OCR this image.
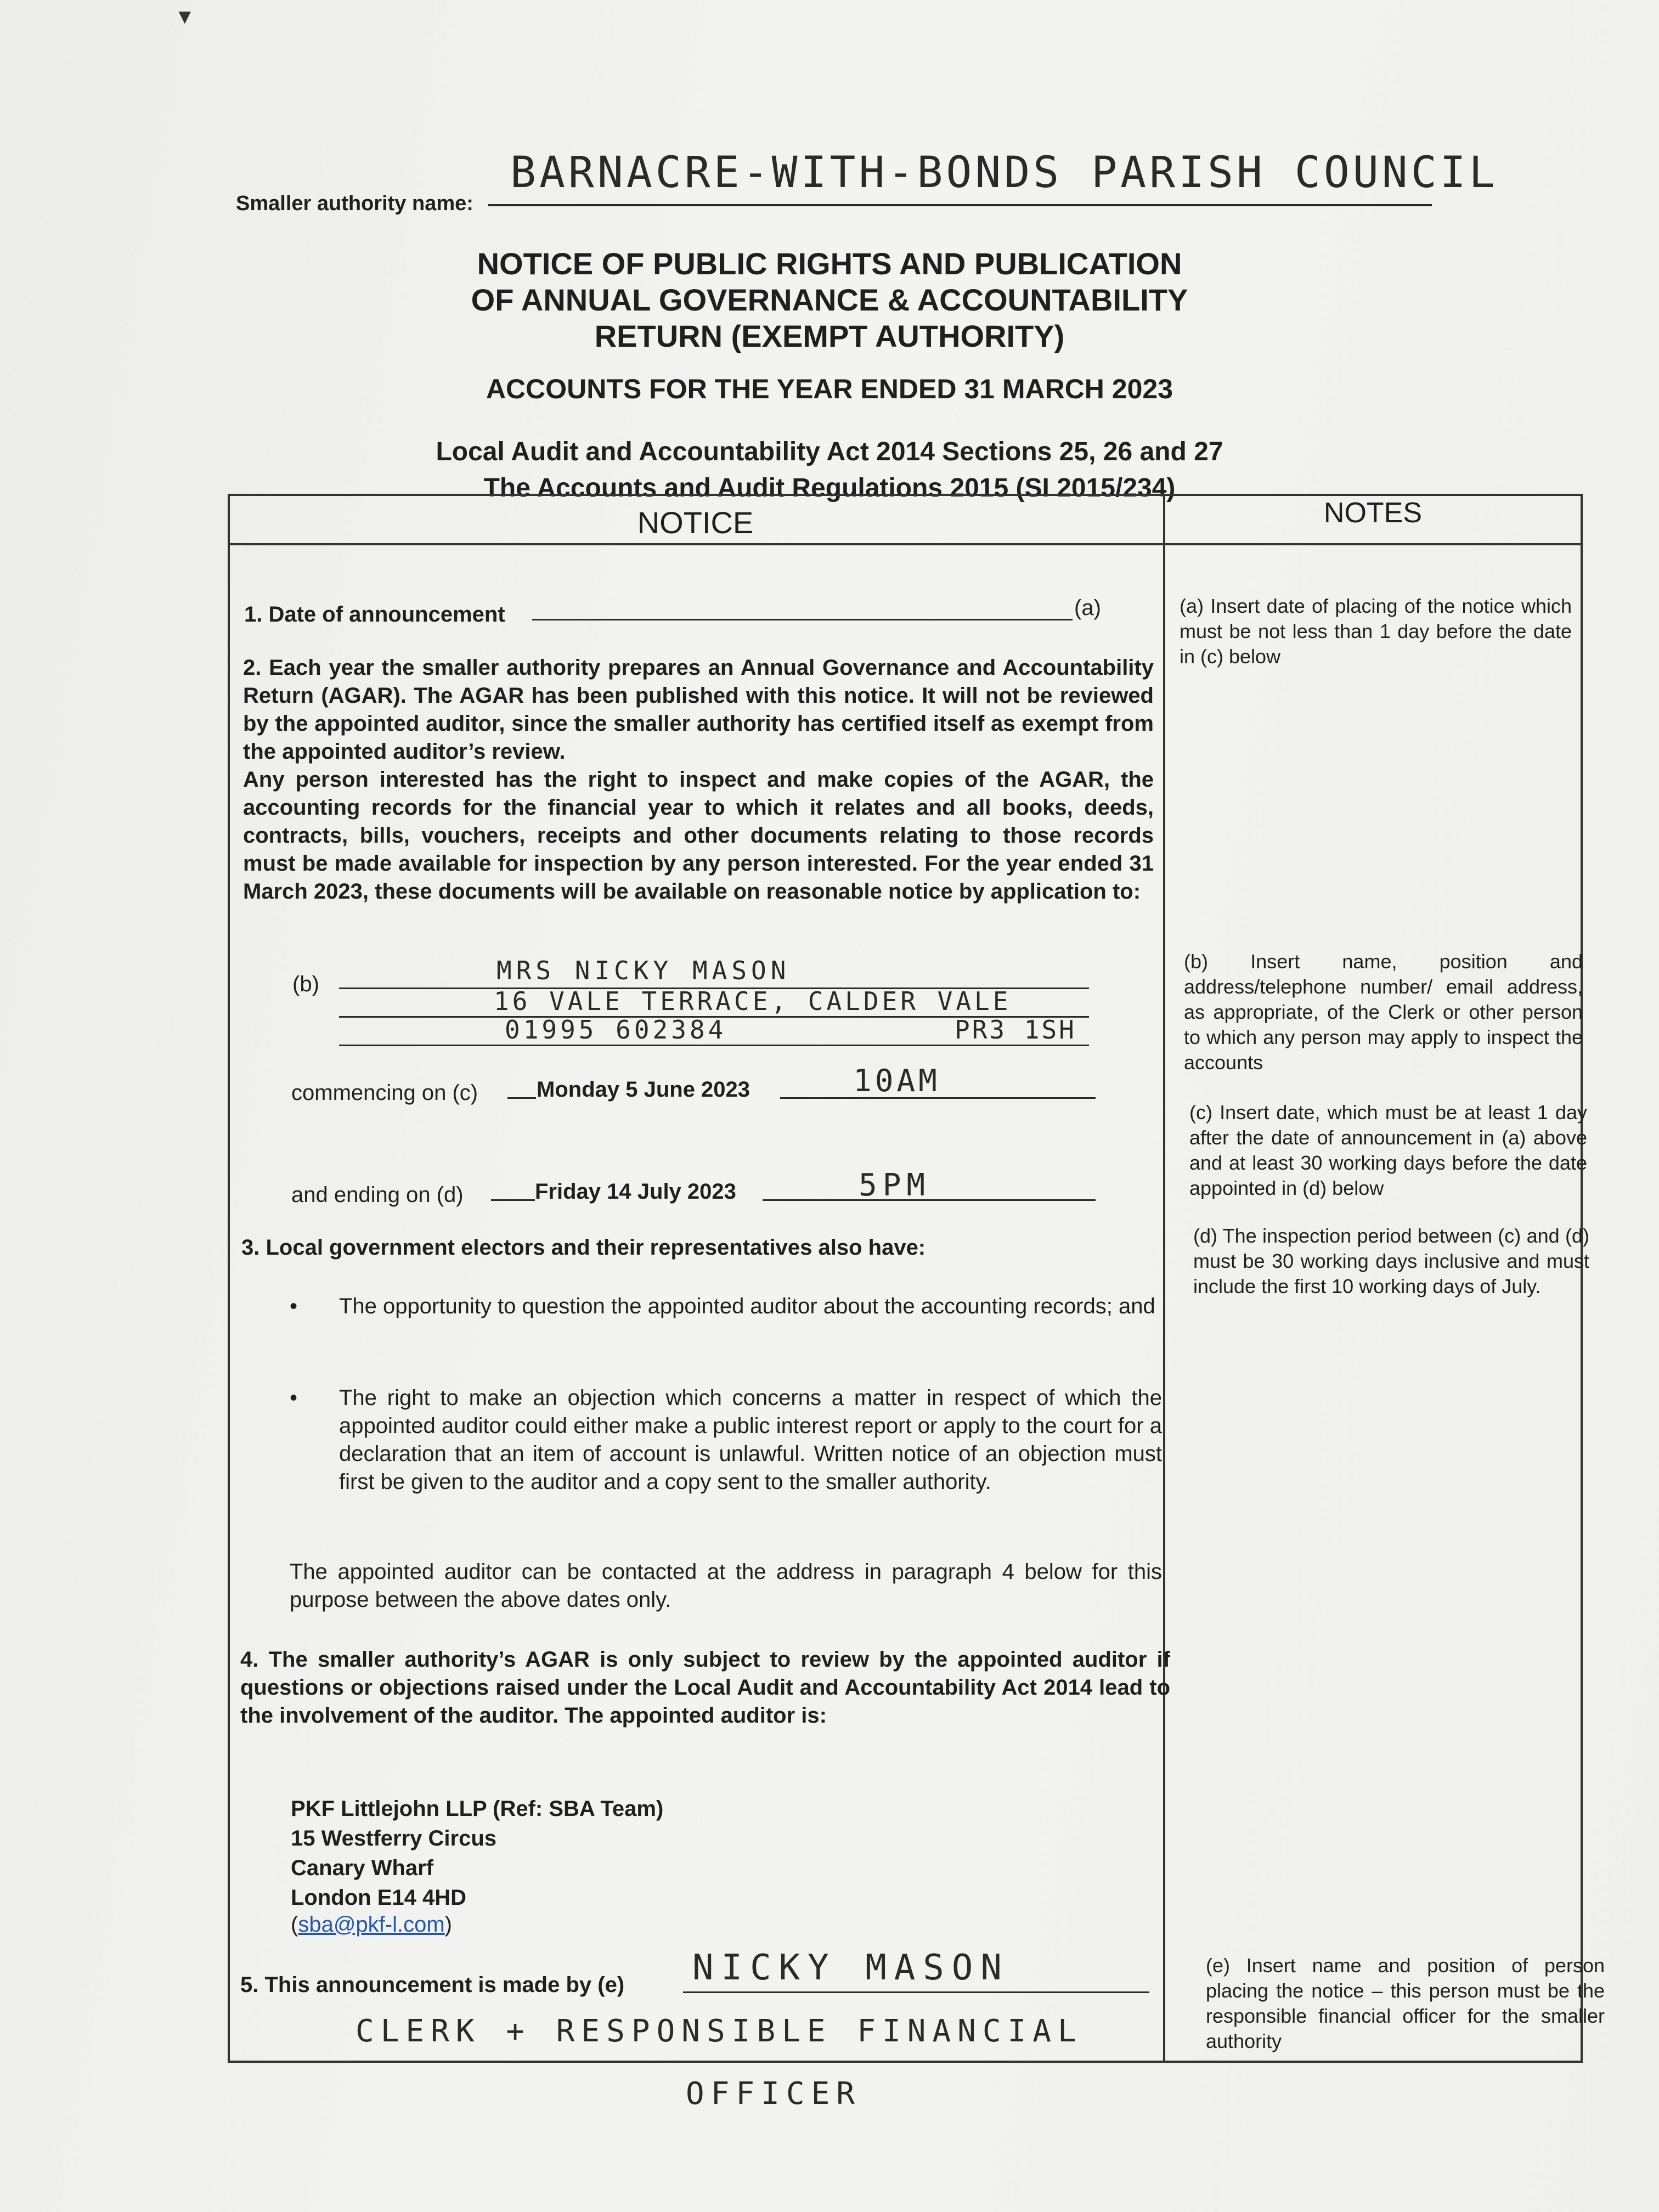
Smaller authority name:
BARNACRE-WITH-BONDS PARISH COUNCIL
NOTICE OF PUBLIC RIGHTS AND PUBLICATION
OF ANNUAL GOVERNANCE & ACCOUNTABILITY
RETURN (EXEMPT AUTHORITY)
ACCOUNTS FOR THE YEAR ENDED 31 MARCH 2023
Local Audit and Accountability Act 2014 Sections 25, 26 and 27
The Accounts and Audit Regulations 2015 (SI 2015/234)
NOTICE	NOTES
1. Date of announcement	(a)
2. Each year the smaller authority prepares an Annual Governance and Accountability Return (AGAR). The AGAR has been published with this notice. It will not be reviewed by the appointed auditor, since the smaller authority has certified itself as exempt from the appointed auditor’s review.
Any person interested has the right to inspect and make copies of the AGAR, the accounting records for the financial year to which it relates and all books, deeds, contracts, bills, vouchers, receipts and other documents relating to those records must be made available for inspection by any person interested. For the year ended 31 March 2023, these documents will be available on reasonable notice by application to:
(b)	MRS NICKY MASON
16 VALE TERRACE, CALDER VALE
01995 602384	PR3 1SH
commencing on (c)	Monday 5 June 2023	10AM
and ending on (d)	Friday 14 July 2023	5PM
3. Local government electors and their representatives also have:
• The opportunity to question the appointed auditor about the accounting records; and
• The right to make an objection which concerns a matter in respect of which the appointed auditor could either make a public interest report or apply to the court for a declaration that an item of account is unlawful. Written notice of an objection must first be given to the auditor and a copy sent to the smaller authority.
The appointed auditor can be contacted at the address in paragraph 4 below for this purpose between the above dates only.
4. The smaller authority’s AGAR is only subject to review by the appointed auditor if questions or objections raised under the Local Audit and Accountability Act 2014 lead to the involvement of the auditor. The appointed auditor is:
PKF Littlejohn LLP (Ref: SBA Team)
15 Westferry Circus
Canary Wharf
London E14 4HD
(sba@pkf-l.com)
5. This announcement is made by (e) NICKY MASON
CLERK + RESPONSIBLE FINANCIAL
OFFICER
(a) Insert date of placing of the notice which must be not less than 1 day before the date in (c) below
(b) Insert name, position and address/telephone number/ email address, as appropriate, of the Clerk or other person to which any person may apply to inspect the accounts
(c) Insert date, which must be at least 1 day after the date of announcement in (a) above and at least 30 working days before the date appointed in (d) below
(d) The inspection period between (c) and (d) must be 30 working days inclusive and must include the first 10 working days of July.
(e) Insert name and position of person placing the notice – this person must be the responsible financial officer for the smaller authority
▼
